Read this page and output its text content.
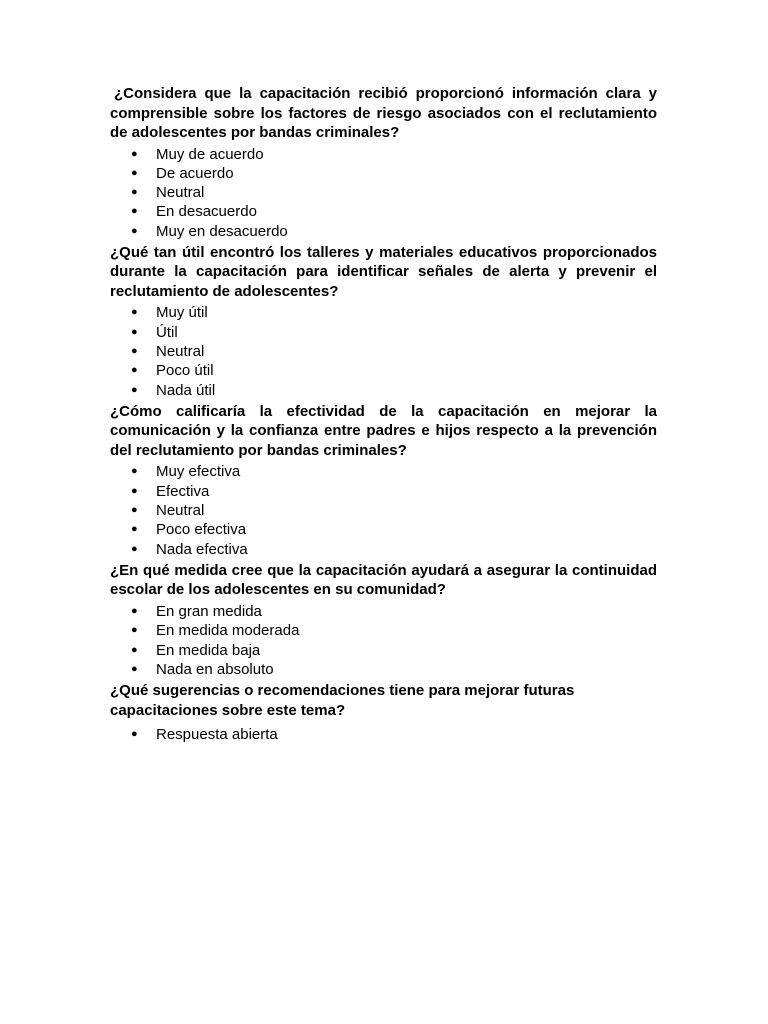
¿Considera que la capacitación recibió proporcionó información clara y comprensible sobre los factores de riesgo asociados con el reclutamiento de adolescentes por bandas criminales?

● Muy de acuerdo
● De acuerdo
● Neutral
● En desacuerdo
● Muy en desacuerdo

¿Qué tan útil encontró los talleres y materiales educativos proporcionados durante la capacitación para identificar señales de alerta y prevenir el reclutamiento de adolescentes?

● Muy útil
● Útil
● Neutral
● Poco útil
● Nada útil

¿Cómo calificaría la efectividad de la capacitación en mejorar la comunicación y la confianza entre padres e hijos respecto a la prevención del reclutamiento por bandas criminales?

● Muy efectiva
● Efectiva
● Neutral
● Poco efectiva
● Nada efectiva

¿En qué medida cree que la capacitación ayudará a asegurar la continuidad escolar de los adolescentes en su comunidad?

● En gran medida
● En medida moderada
● En medida baja
● Nada en absoluto

¿Qué sugerencias o recomendaciones tiene para mejorar futuras capacitaciones sobre este tema?

● Respuesta abierta
